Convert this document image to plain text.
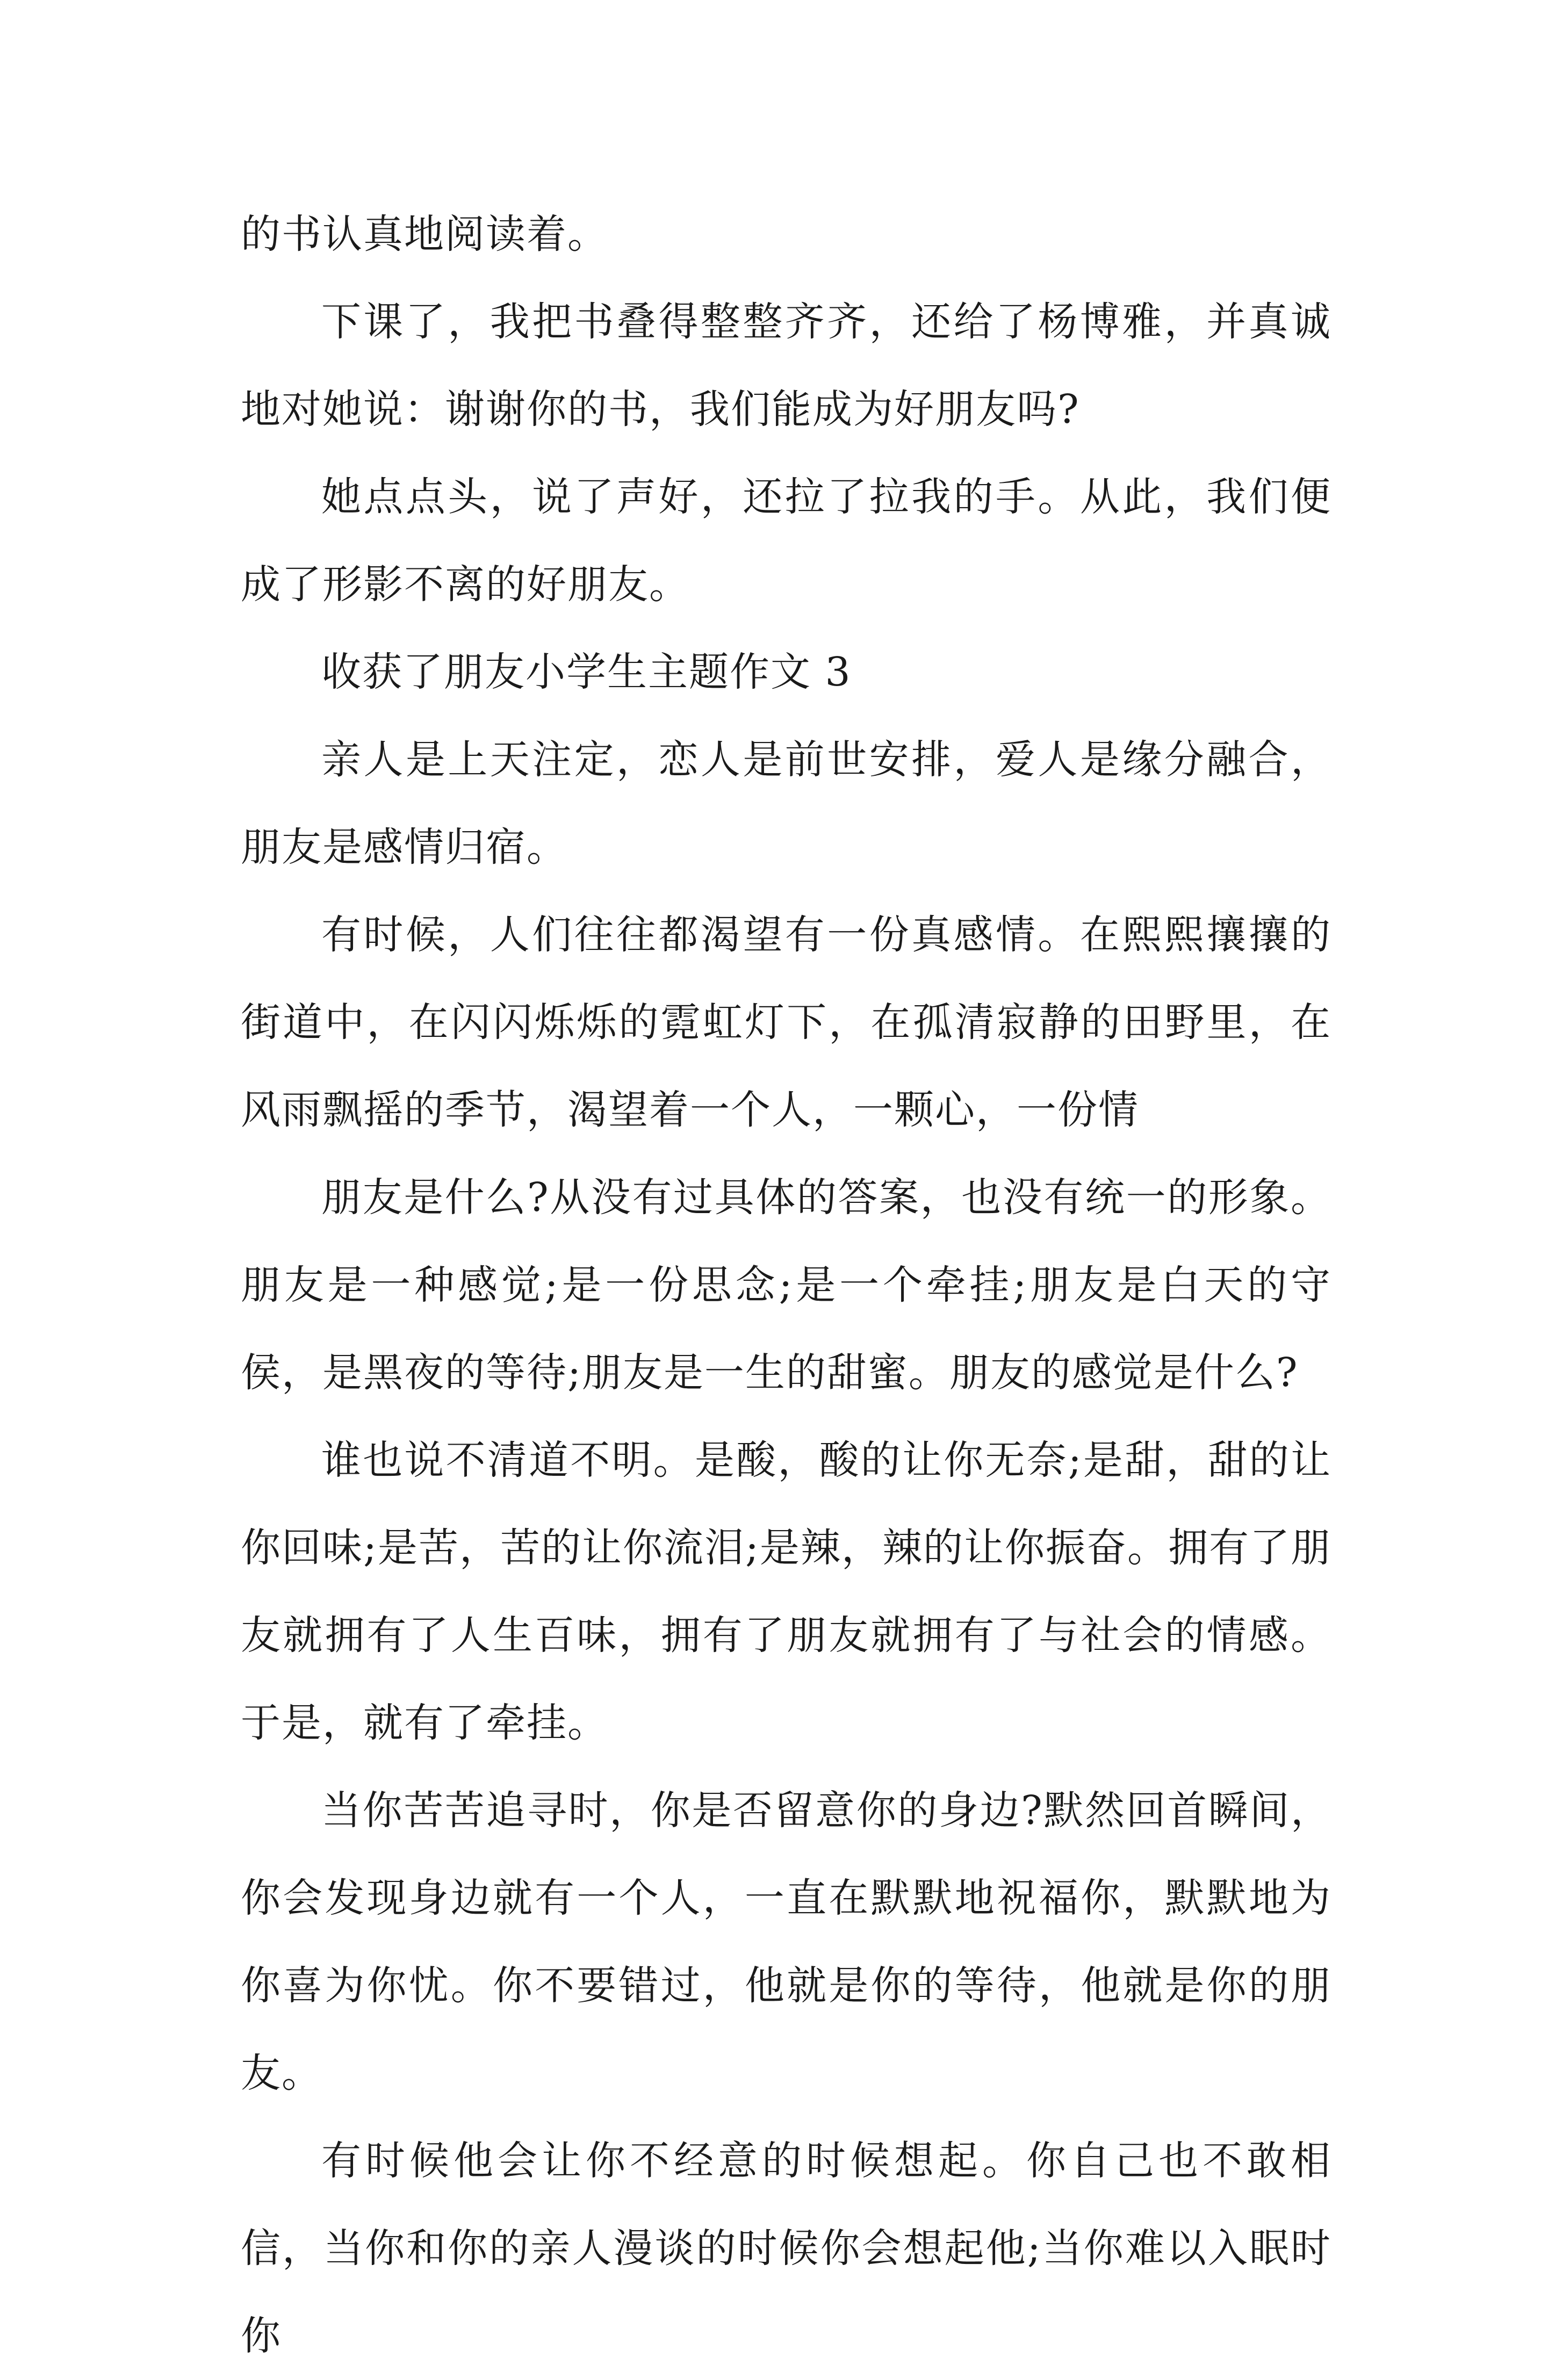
的书认真地阅读着。

下课了，我把书叠得整整齐齐，还给了杨博雅，并真诚地对她说：谢谢你的书，我们能成为好朋友吗?

她点点头，说了声好，还拉了拉我的手。从此，我们便成了形影不离的好朋友。

收获了朋友小学生主题作文 3

亲人是上天注定，恋人是前世安排，爱人是缘分融合，朋友是感情归宿。

有时候，人们往往都渴望有一份真感情。在熙熙攘攘的街道中，在闪闪烁烁的霓虹灯下，在孤清寂静的田野里，在风雨飘摇的季节，渴望着一个人，一颗心，一份情

朋友是什么?从没有过具体的答案，也没有统一的形象。朋友是一种感觉;是一份思念;是一个牵挂;朋友是白天的守侯，是黑夜的等待;朋友是一生的甜蜜。朋友的感觉是什么?

谁也说不清道不明。是酸，酸的让你无奈;是甜，甜的让你回味;是苦，苦的让你流泪;是辣，辣的让你振奋。拥有了朋友就拥有了人生百味，拥有了朋友就拥有了与社会的情感。于是，就有了牵挂。

当你苦苦追寻时，你是否留意你的身边?默然回首瞬间，你会发现身边就有一个人，一直在默默地祝福你，默默地为你喜为你忧。你不要错过，他就是你的等待，他就是你的朋友。

有时候他会让你不经意的时候想起。你自己也不敢相信，当你和你的亲人漫谈的时候你会想起他;当你难以入眠时你
